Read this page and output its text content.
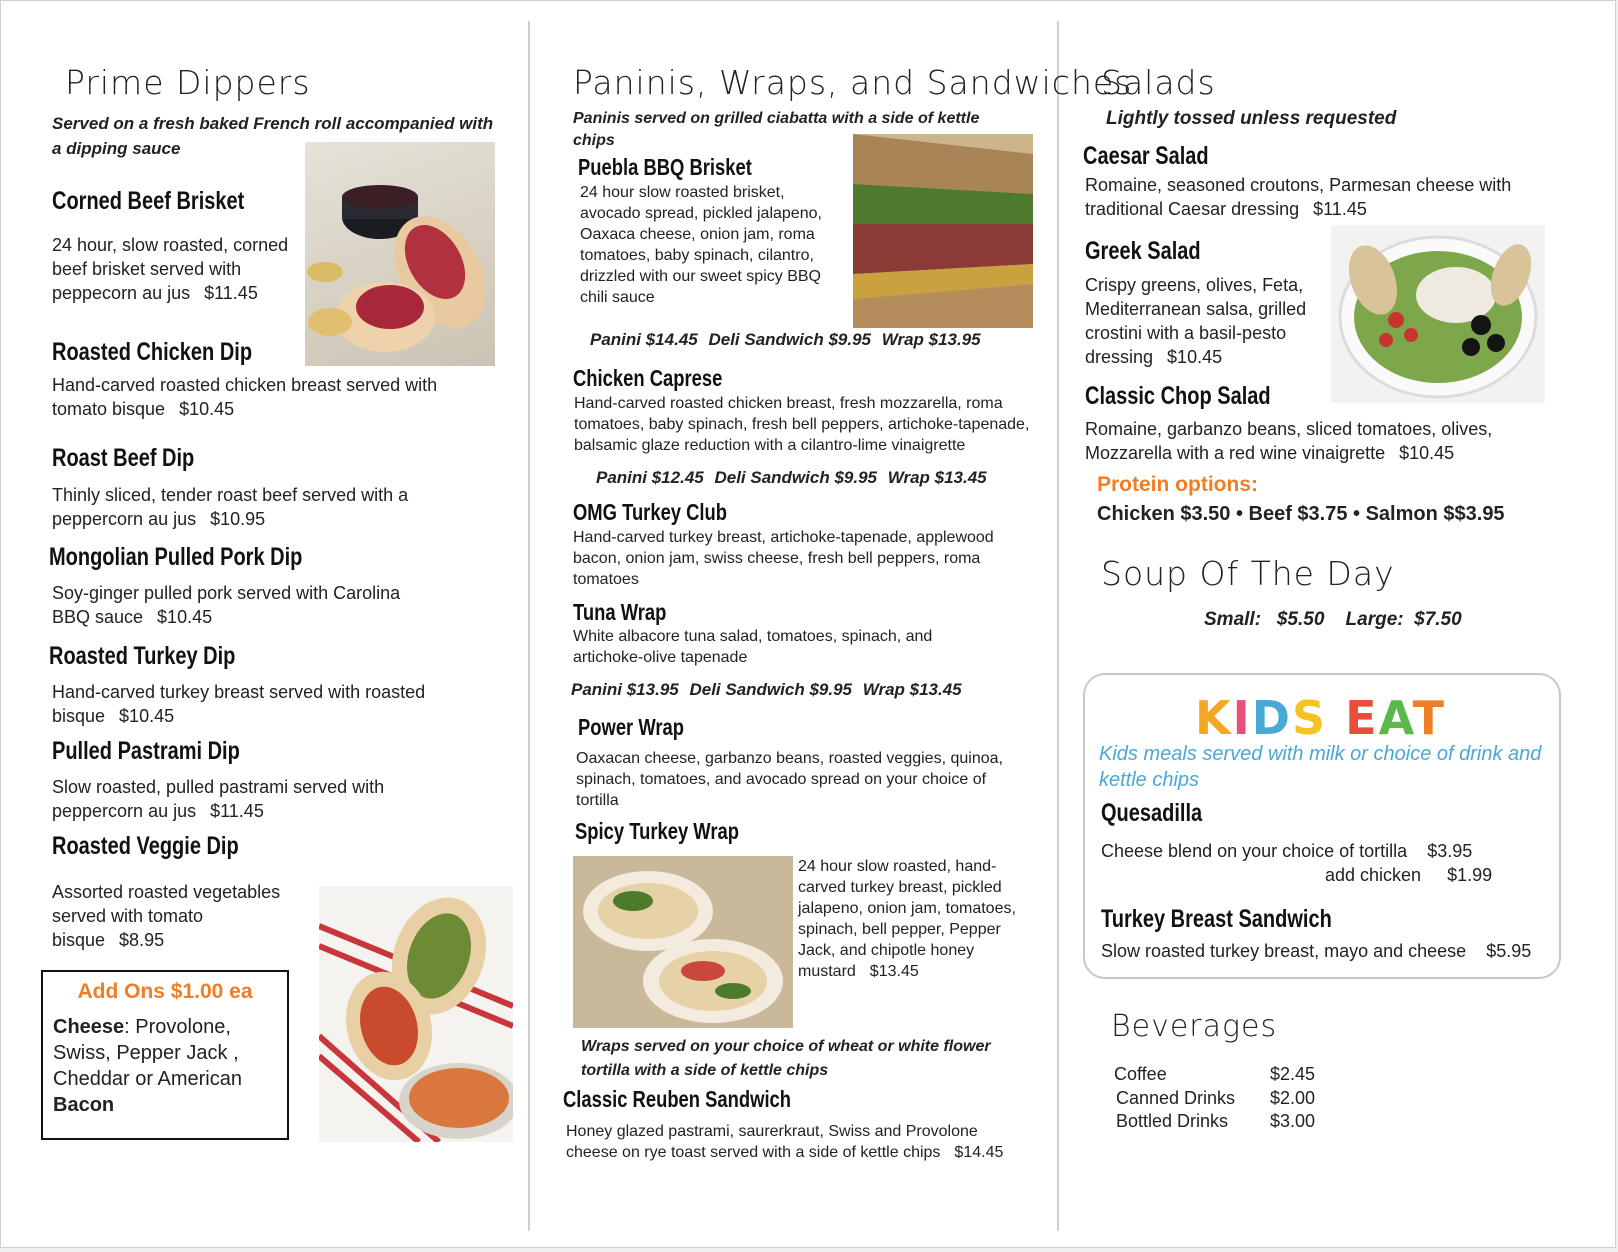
Prime Dippers
Served on a fresh baked French roll accompanied with a dipping sauce
Corned Beef Brisket
24 hour, slow roasted, corned beef brisket served with peppecorn au jus $11.45
Roasted Chicken Dip
Hand-carved roasted chicken breast served with tomato bisque $10.45
Roast Beef Dip
Thinly sliced, tender roast beef served with a peppercorn au jus $10.95
Mongolian Pulled Pork Dip
Soy-ginger pulled pork served with Carolina BBQ sauce $10.45
Roasted Turkey Dip
Hand-carved turkey breast served with roasted bisque $10.45
Pulled Pastrami Dip
Slow roasted, pulled pastrami served with peppercorn au jus $11.45
Roasted Veggie Dip
Assorted roasted vegetables served with tomato bisque $8.95
Add Ons $1.00 ea

Cheese: Provolone, Swiss, Pepper Jack , Cheddar or American

Bacon

Paninis, Wraps, and Sandwiches
Paninis served on grilled ciabatta with a side of kettle chips
Puebla BBQ Brisket
24 hour slow roasted brisket, avocado spread, pickled jalapeno, Oaxaca cheese, onion jam, roma tomatoes, baby spinach, cilantro, drizzled with our sweet spicy BBQ chili sauce
Panini $14.45 Deli Sandwich $9.95 Wrap $13.95
Chicken Caprese
Hand-carved roasted chicken breast, fresh mozzarella, roma tomatoes, baby spinach, fresh bell peppers, artichoke-tapenade, balsamic glaze reduction with a cilantro-lime vinaigrette
Panini $12.45 Deli Sandwich $9.95 Wrap $13.45
OMG Turkey Club
Hand-carved turkey breast, artichoke-tapenade, applewood bacon, onion jam, swiss cheese, fresh bell peppers, roma tomatoes
Tuna Wrap
White albacore tuna salad, tomatoes, spinach, and artichoke-olive tapenade
Panini $13.95 Deli Sandwich $9.95 Wrap $13.45
Power Wrap
Oaxacan cheese, garbanzo beans, roasted veggies, quinoa, spinach, tomatoes, and avocado spread on your choice of tortilla
Spicy Turkey Wrap
24 hour slow roasted, hand-carved turkey breast, pickled jalapeno, onion jam, tomatoes, spinach, bell pepper, Pepper Jack, and chipotle honey mustard $13.45
Wraps served on your choice of wheat or white flower tortilla with a side of kettle chips
Classic Reuben Sandwich
Honey glazed pastrami, saurerkraut, Swiss and Provolone cheese on rye toast served with a side of kettle chips $14.45
Salads
Lightly tossed unless requested
Caesar Salad
Romaine, seasoned croutons, Parmesan cheese with traditional Caesar dressing $11.45
Greek Salad
Crispy greens, olives, Feta, Mediterranean salsa, grilled crostini with a basil-pesto dressing $10.45
Classic Chop Salad
Romaine, garbanzo beans, sliced tomatoes, olives, Mozzarella with a red wine vinaigrette $10.45
Protein options:
Chicken $3.50 • Beef $3.75 • Salmon $$3.95
Soup Of The Day
Small:   $5.50    Large:  $7.50
KIDS EAT
Kids meals served with milk or choice of drink and kettle chips
Quesadilla
Cheese blend on your choice of tortilla $3.95
add chicken $1.99
Turkey Breast Sandwich
Slow roasted turkey breast, mayo and cheese $5.95
Beverages
Coffee	$2.45
Canned Drinks $2.00
Bottled Drinks $3.00
